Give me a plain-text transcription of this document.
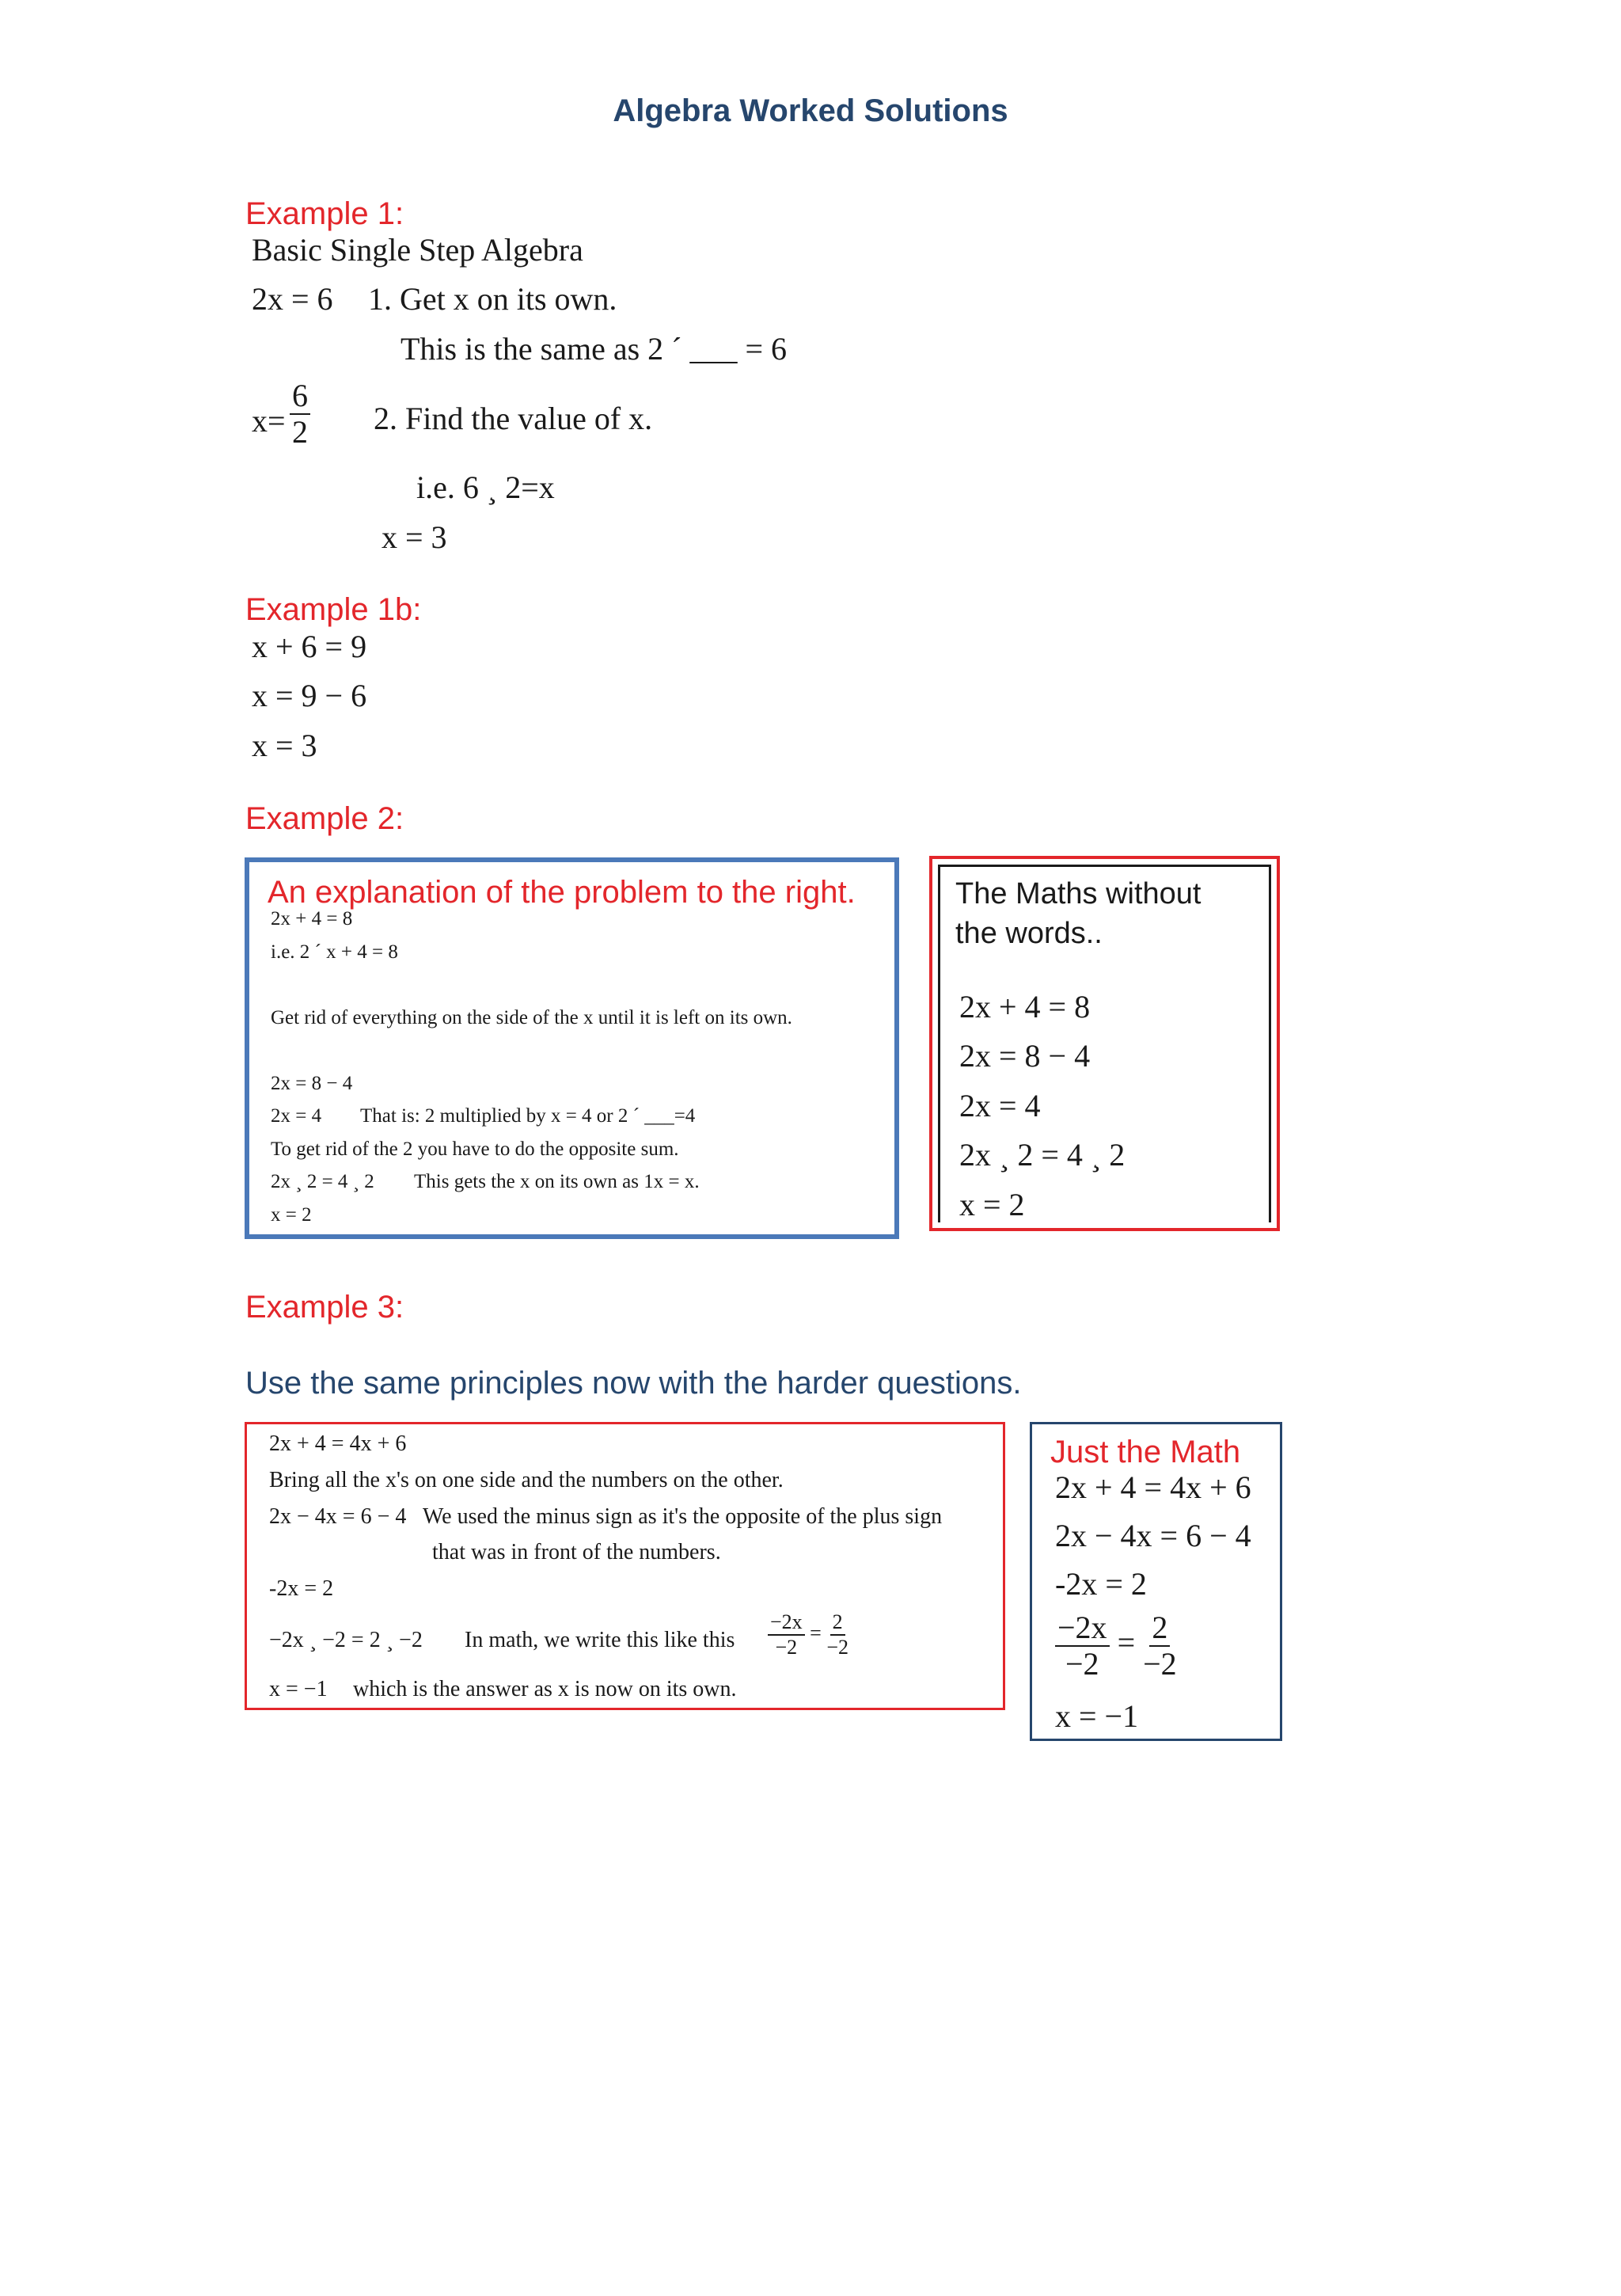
Algebra Worked Solutions
Example 1:
Basic Single Step Algebra
2x = 6 1. Get x on its own.
This is the same as 2 ´ ___ = 6
$x= \frac{6}{2} 2$. Find the value of x.
i.e. 6 ¸ 2=x
x = 3
Example 1b:
x + 6 = 9
x = 9 − 6
x = 3
Example 2:
An explanation of the problem to the right.
2x + 4 = 8
i.e. 2 ´ x + 4 = 8
Get rid of everything on the side of the x until it is left on its own.
2x = 8 − 4
2x = 4 That is: 2 multiplied by x = 4 or 2 ´ ___=4
To get rid of the 2 you have to do the opposite sum.
2x ¸ 2 = 4 ¸ 2 This gets the x on its own as 1x = x.
x = 2
The Maths without
the words..
2x + 4 = 8
2x = 8 − 4
2x = 4
2x ¸ 2 = 4 ¸ 2
x = 2
Example 3:
Use the same principles now with the harder questions.
2x + 4 = 4x + 6
Bring all the x's on one side and the numbers on the other.
2x − 4x = 6 − 4 We used the minus sign as it's the opposite of the plus sign
that was in front of the numbers.
-2x = 2
−2x ¸ −2 = 2 ¸ −2 In math, we write this like this $\frac{-2x}{-2} = \frac{2}{-2}$
x = −1 which is the answer as x is now on its own.
Just the Math
2x + 4 = 4x + 6
2x − 4x = 6 − 4
-2x = 2
$\frac{-2x}{-2} = \frac{2}{-2}$
x = −1
